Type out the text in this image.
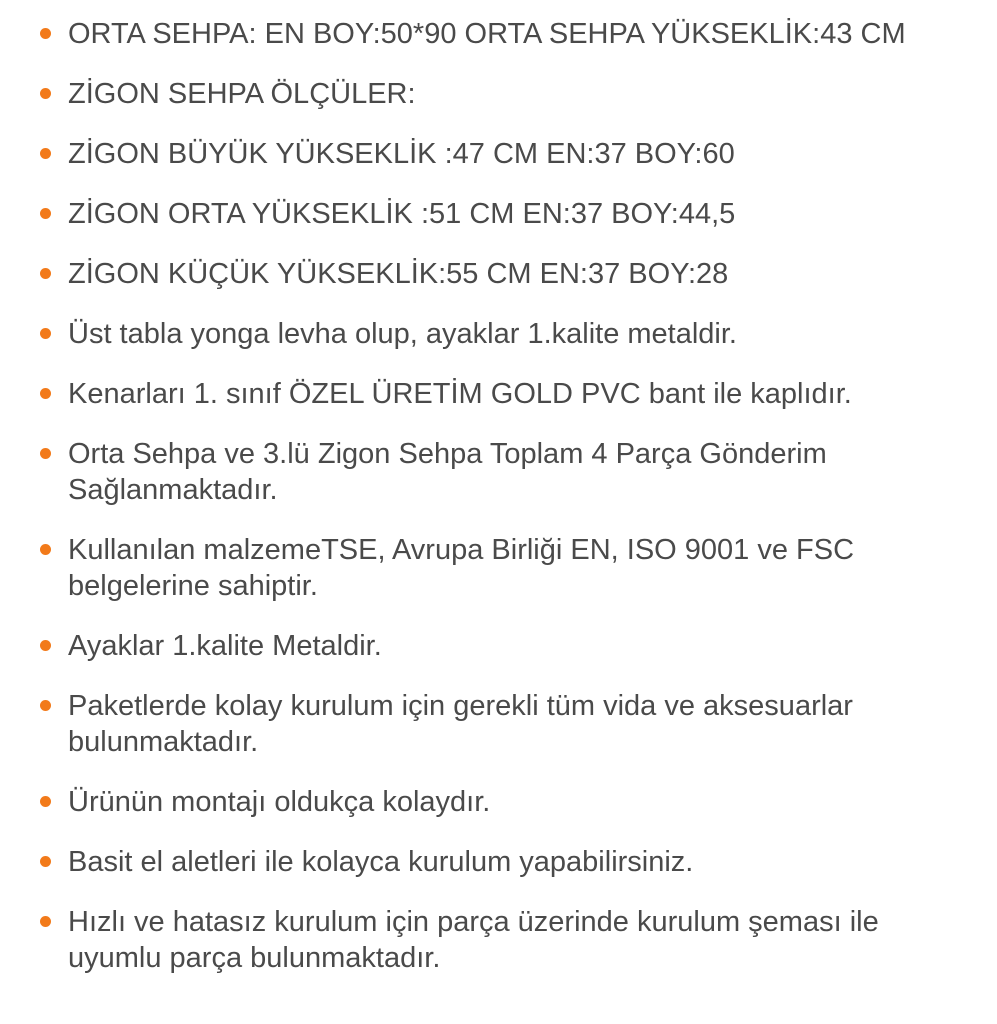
ORTA SEHPA: EN BOY:50*90 ORTA SEHPA YÜKSEKLİK:43 CM
ZİGON SEHPA ÖLÇÜLER:
ZİGON BÜYÜK YÜKSEKLİK :47 CM EN:37 BOY:60
ZİGON ORTA YÜKSEKLİK :51 CM EN:37 BOY:44,5
ZİGON KÜÇÜK YÜKSEKLİK:55 CM EN:37 BOY:28
Üst tabla yonga levha olup, ayaklar 1.kalite metaldir.
Kenarları 1. sınıf ÖZEL ÜRETİM GOLD PVC bant ile kaplıdır.
Orta Sehpa ve 3.lü Zigon Sehpa Toplam 4 Parça Gönderim Sağlanmaktadır.
Kullanılan malzemeTSE, Avrupa Birliği EN, ISO 9001 ve FSC belgelerine sahiptir.
Ayaklar 1.kalite Metaldir.
Paketlerde kolay kurulum için gerekli tüm vida ve aksesuarlar bulunmaktadır.
Ürünün montajı oldukça kolaydır.
Basit el aletleri ile kolayca kurulum yapabilirsiniz.
Hızlı ve hatasız kurulum için parça üzerinde kurulum şeması ile uyumlu parça bulunmaktadır.
